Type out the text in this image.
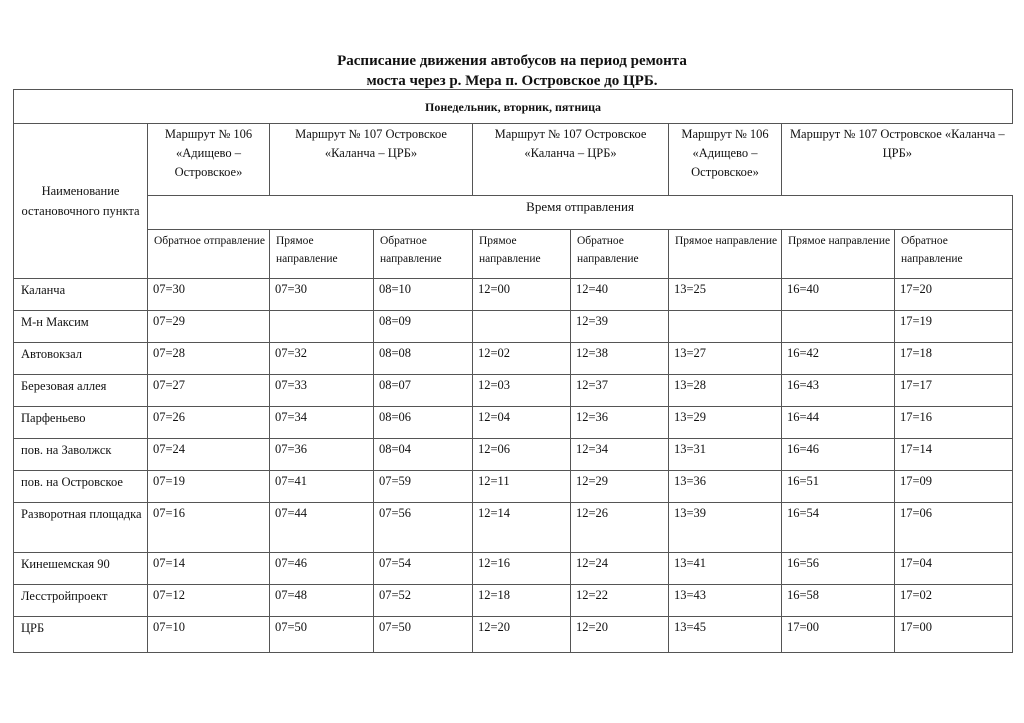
Расписание движения автобусов на период ремонта
моста через р. Мера п. Островское до ЦРБ.
Понедельник, вторник, пятница								
Наименование остановочного пункта	Маршрут № 106 «Адищево – Островское»	Маршрут № 107 Островское «Каланча – ЦРБ»		Маршрут № 107 Островское «Каланча – ЦРБ»		Маршрут № 106 «Адищево – Островское»	Маршрут № 107 Островское «Каланча – ЦРБ»	
	Время отправления							
	Обратное отправление	Прямое направление	Обратное направление	Прямое направление	Обратное направление	Прямое направление	Прямое направление	Обратное направление
Каланча	07=30	07=30	08=10	12=00	12=40	13=25	16=40	17=20
М-н Максим	07=29		08=09		12=39			17=19
Автовокзал	07=28	07=32	08=08	12=02	12=38	13=27	16=42	17=18
Березовая аллея	07=27	07=33	08=07	12=03	12=37	13=28	16=43	17=17
Парфеньево	07=26	07=34	08=06	12=04	12=36	13=29	16=44	17=16
пов. на Заволжск	07=24	07=36	08=04	12=06	12=34	13=31	16=46	17=14
пов. на Островское	07=19	07=41	07=59	12=11	12=29	13=36	16=51	17=09
Разворотная площадка	07=16	07=44	07=56	12=14	12=26	13=39	16=54	17=06
Кинешемская 90	07=14	07=46	07=54	12=16	12=24	13=41	16=56	17=04
Лесстройпроект	07=12	07=48	07=52	12=18	12=22	13=43	16=58	17=02
ЦРБ	07=10	07=50	07=50	12=20	12=20	13=45	17=00	17=00
